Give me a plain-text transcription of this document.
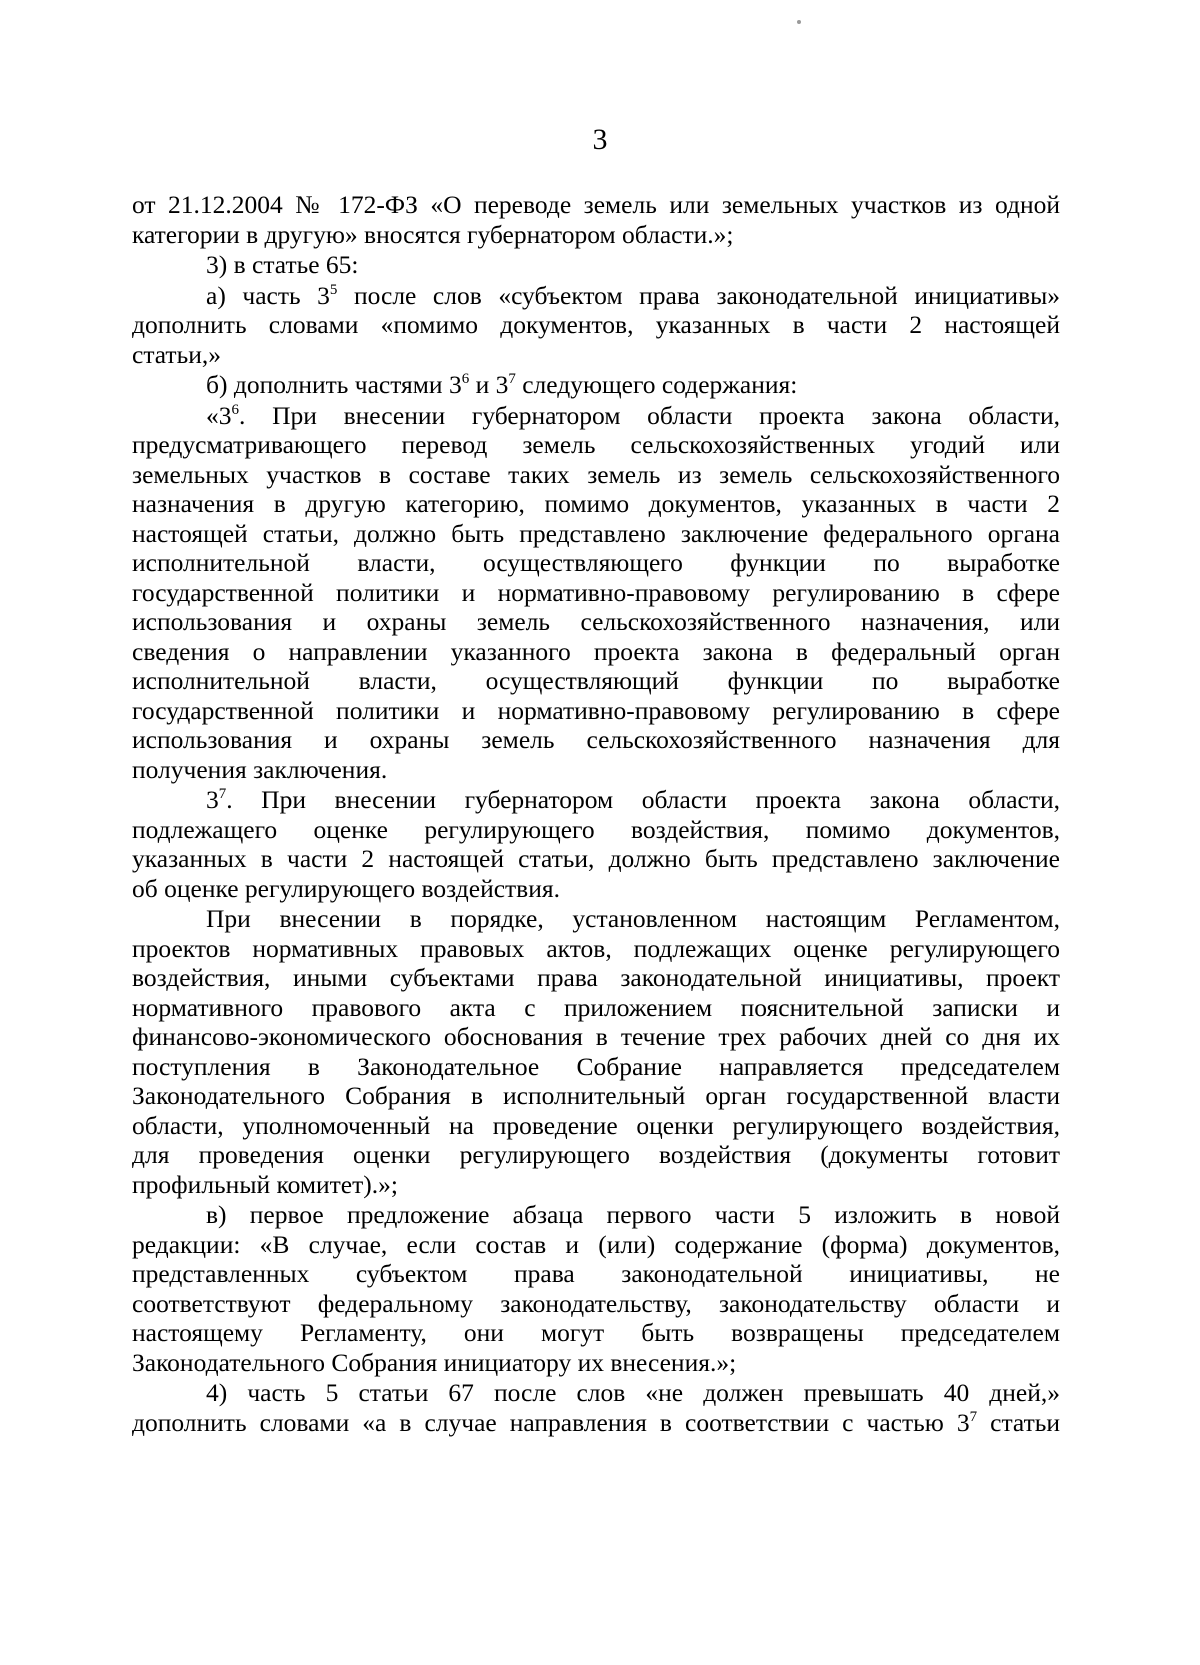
3
от 21.12.2004 № 172-ФЗ «О переводе земель или земельных участков из одной
категории в другую» вносятся губернатором области.»;
3) в статье 65:
а) часть $3^5$ после слов «субъектом права законодательной инициативы»
дополнить словами «помимо документов, указанных в части 2 настоящей
статьи,»
б) дополнить частями $3^6$ и $3^7$ следующего содержания:
«$3^6$. При внесении губернатором области проекта закона области,
предусматривающего перевод земель сельскохозяйственных угодий или
земельных участков в составе таких земель из земель сельскохозяйственного
назначения в другую категорию, помимо документов, указанных в части 2
настоящей статьи, должно быть представлено заключение федерального органа
исполнительной власти, осуществляющего функции по выработке
государственной политики и нормативно-правовому регулированию в сфере
использования и охраны земель сельскохозяйственного назначения, или
сведения о направлении указанного проекта закона в федеральный орган
исполнительной власти, осуществляющий функции по выработке
государственной политики и нормативно-правовому регулированию в сфере
использования и охраны земель сельскохозяйственного назначения для
получения заключения.
$3^7$. При внесении губернатором области проекта закона области,
подлежащего оценке регулирующего воздействия, помимо документов,
указанных в части 2 настоящей статьи, должно быть представлено заключение
об оценке регулирующего воздействия.
При внесении в порядке, установленном настоящим Регламентом,
проектов нормативных правовых актов, подлежащих оценке регулирующего
воздействия, иными субъектами права законодательной инициативы, проект
нормативного правового акта с приложением пояснительной записки и
финансово-экономического обоснования в течение трех рабочих дней со дня их
поступления в Законодательное Собрание направляется председателем
Законодательного Собрания в исполнительный орган государственной власти
области, уполномоченный на проведение оценки регулирующего воздействия,
для проведения оценки регулирующего воздействия (документы готовит
профильный комитет).»;
в) первое предложение абзаца первого части 5 изложить в новой
редакции: «В случае, если состав и (или) содержание (форма) документов,
представленных субъектом права законодательной инициативы, не
соответствуют федеральному законодательству, законодательству области и
настоящему Регламенту, они могут быть возвращены председателем
Законодательного Собрания инициатору их внесения.»;
4) часть 5 статьи 67 после слов «не должен превышать 40 дней,»
дополнить словами «а в случае направления в соответствии с частью $3^7$ статьи
